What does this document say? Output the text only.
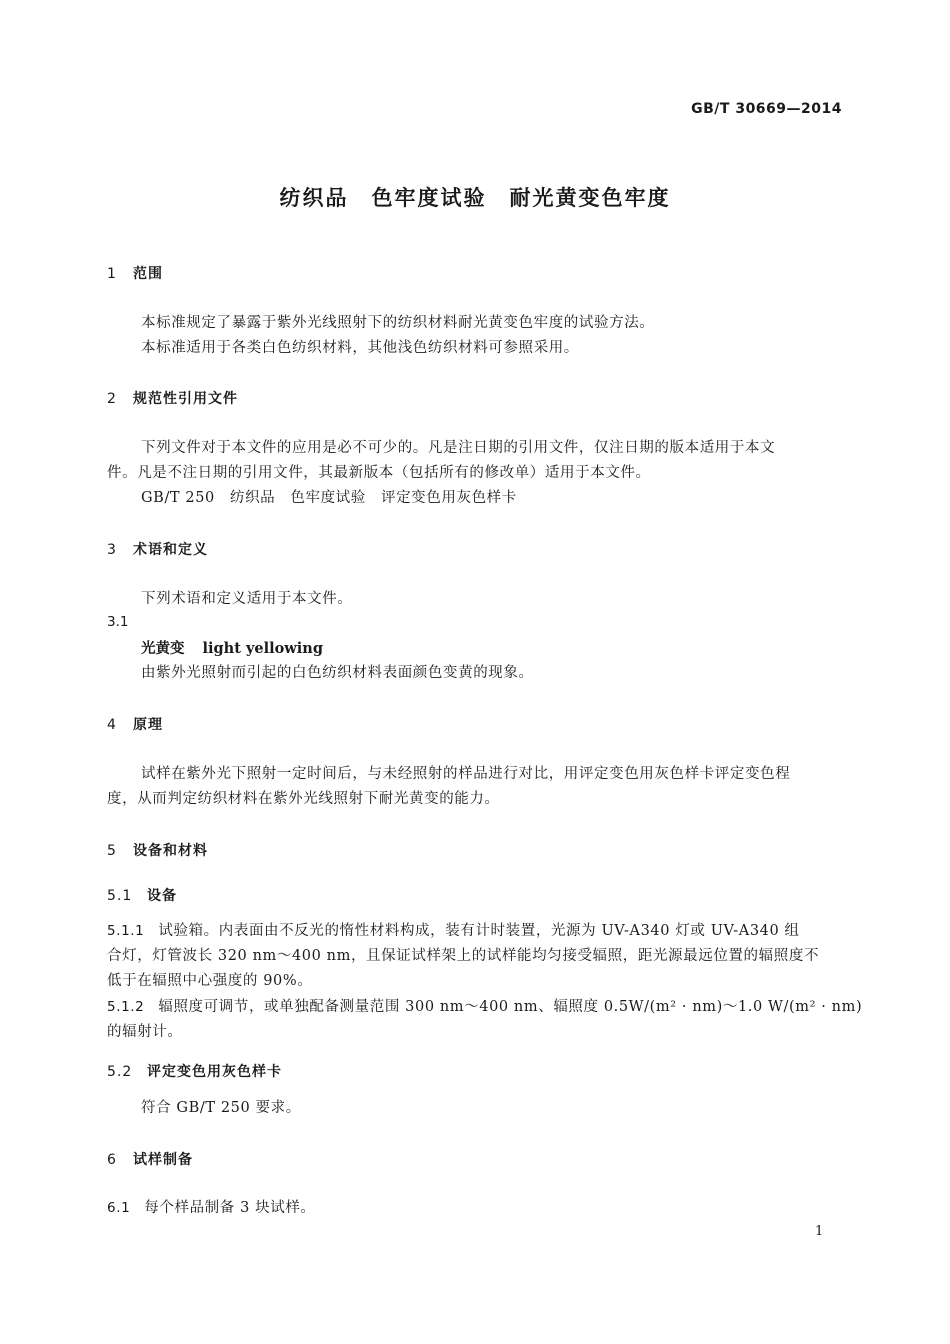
GB/T 30669—2014
纺织品　色牢度试验　耐光黄变色牢度
1 范围
本标准规定了暴露于紫外光线照射下的纺织材料耐光黄变色牢度的试验方法。
本标准适用于各类白色纺织材料，其他浅色纺织材料可参照采用。
2 规范性引用文件
下列文件对于本文件的应用是必不可少的。凡是注日期的引用文件，仅注日期的版本适用于本文
件。凡是不注日期的引用文件，其最新版本（包括所有的修改单）适用于本文件。
GB/T 250　纺织品　色牢度试验　评定变色用灰色样卡
3 术语和定义
下列术语和定义适用于本文件。
3.1
光黄变 light yellowing
由紫外光照射而引起的白色纺织材料表面颜色变黄的现象。
4 原理
试样在紫外光下照射一定时间后，与未经照射的样品进行对比，用评定变色用灰色样卡评定变色程
度，从而判定纺织材料在紫外光线照射下耐光黄变的能力。
5 设备和材料
5.1 设备
5.1.1 试验箱。内表面由不反光的惰性材料构成，装有计时装置，光源为 UV-A340 灯或 UV-A340 组
合灯，灯管波长 320 nm～400 nm，且保证试样架上的试样能均匀接受辐照，距光源最远位置的辐照度不
低于在辐照中心强度的 90%。
5.1.2 辐照度可调节，或单独配备测量范围 300 nm～400 nm、辐照度 0.5W/(m² · nm)～1.0 W/(m² · nm)
的辐射计。
5.2 评定变色用灰色样卡
符合 GB/T 250 要求。
6 试样制备
6.1 每个样品制备 3 块试样。
1
